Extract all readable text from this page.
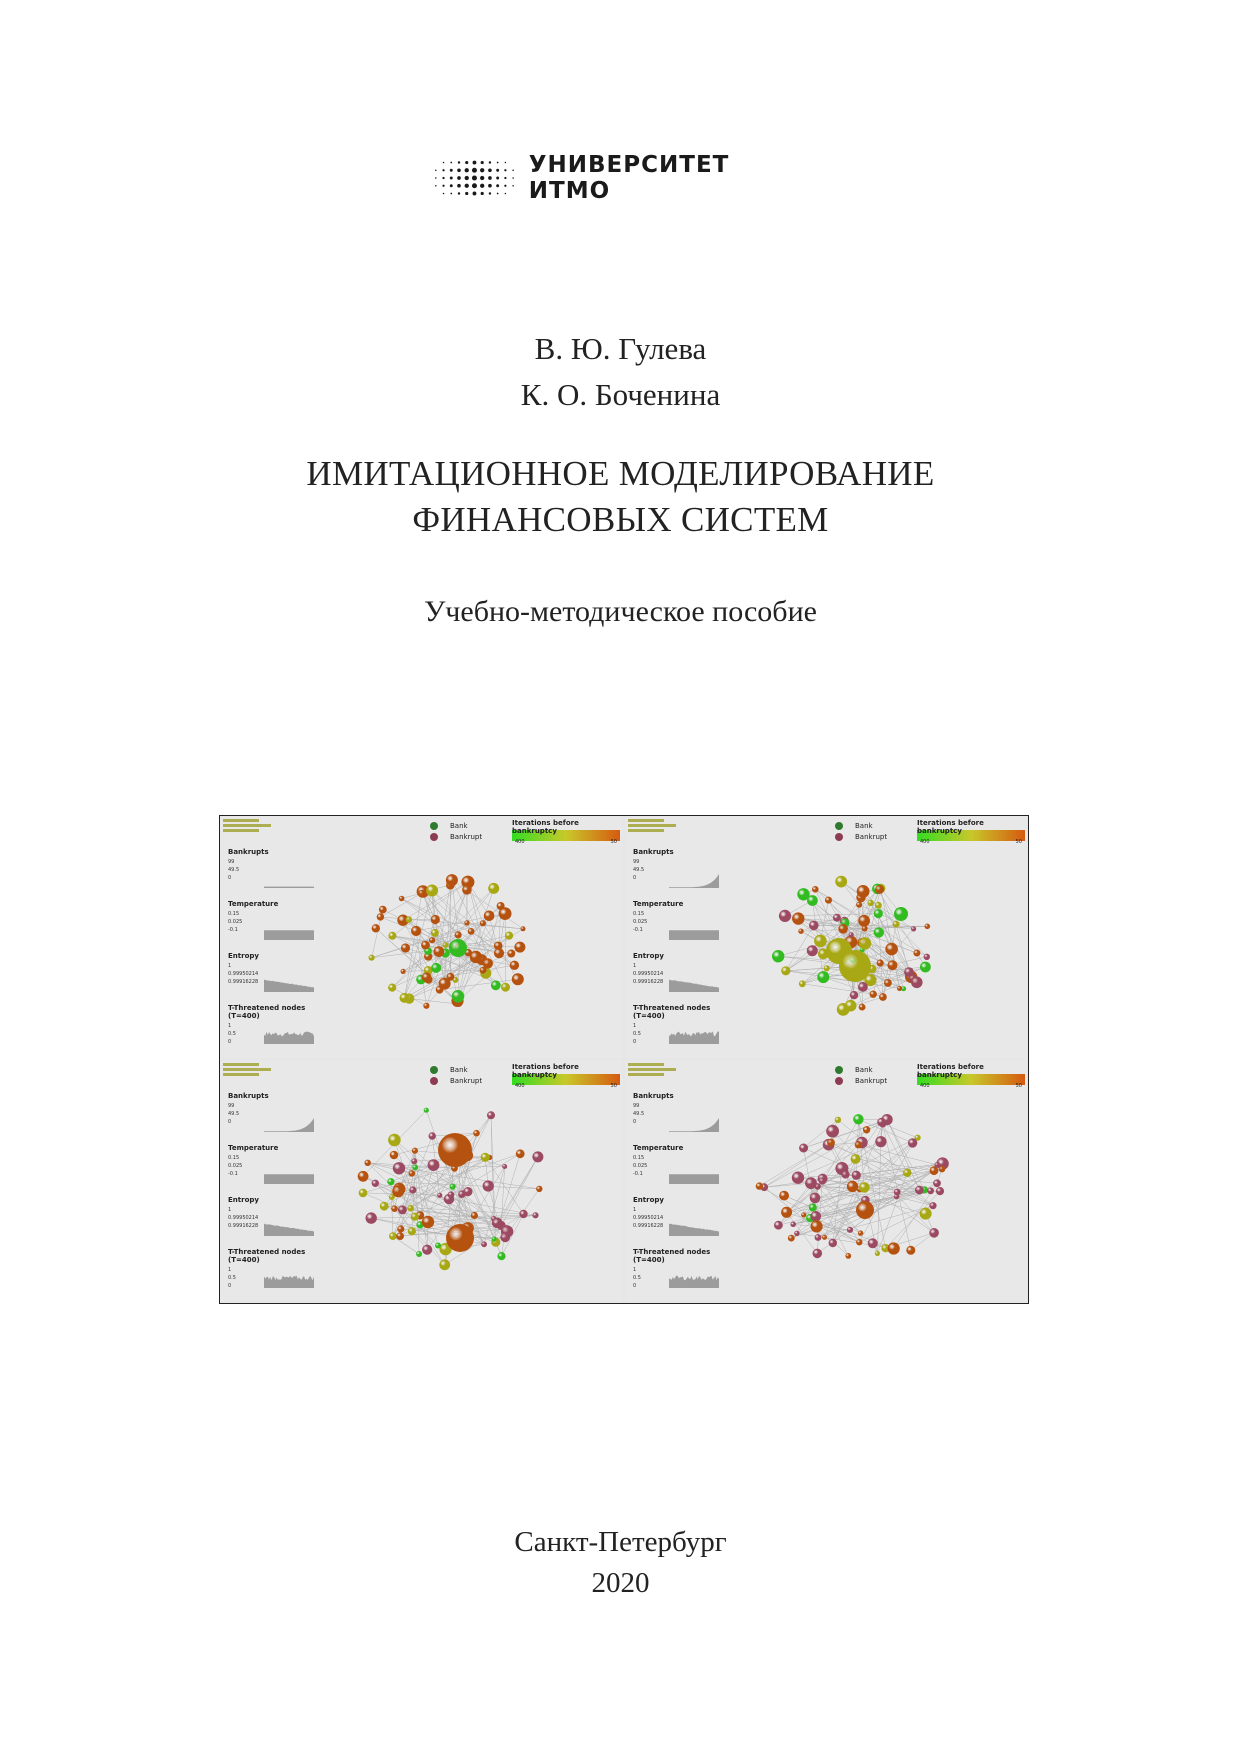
УНИВЕРСИТЕТ ИТМО
В. Ю. Гулева
К. О. Боченина
ИМИТАЦИОННОЕ МОДЕЛИРОВАНИЕ
ФИНАНСОВЫХ СИСТЕМ
Учебно-методическое пособие
Bankrupts
99
49.5
0
Temperature
0.15
0.025
-0.1
Entropy
1
0.99950214
0.99916228
T-Threatened nodes (T=400)
1
0.5
0
Bank
Bankrupt
Iterations before bankruptcy
400	50
Bankrupts
99
49.5
0
Temperature
0.15
0.025
-0.1
Entropy
1
0.99950214
0.99916228
T-Threatened nodes (T=400)
1
0.5
0
Bank
Bankrupt
Iterations before bankruptcy
400	50
Bankrupts
99
49.5
0
Temperature
0.15
0.025
-0.1
Entropy
1
0.99950214
0.99916228
T-Threatened nodes (T=400)
1
0.5
0
Bank
Bankrupt
Iterations before bankruptcy
400	50
Bankrupts
99
49.5
0
Temperature
0.15
0.025
-0.1
Entropy
1
0.99950214
0.99916228
T-Threatened nodes (T=400)
1
0.5
0
Bank
Bankrupt
Iterations before bankruptcy
400	50
Санкт-Петербург
2020
